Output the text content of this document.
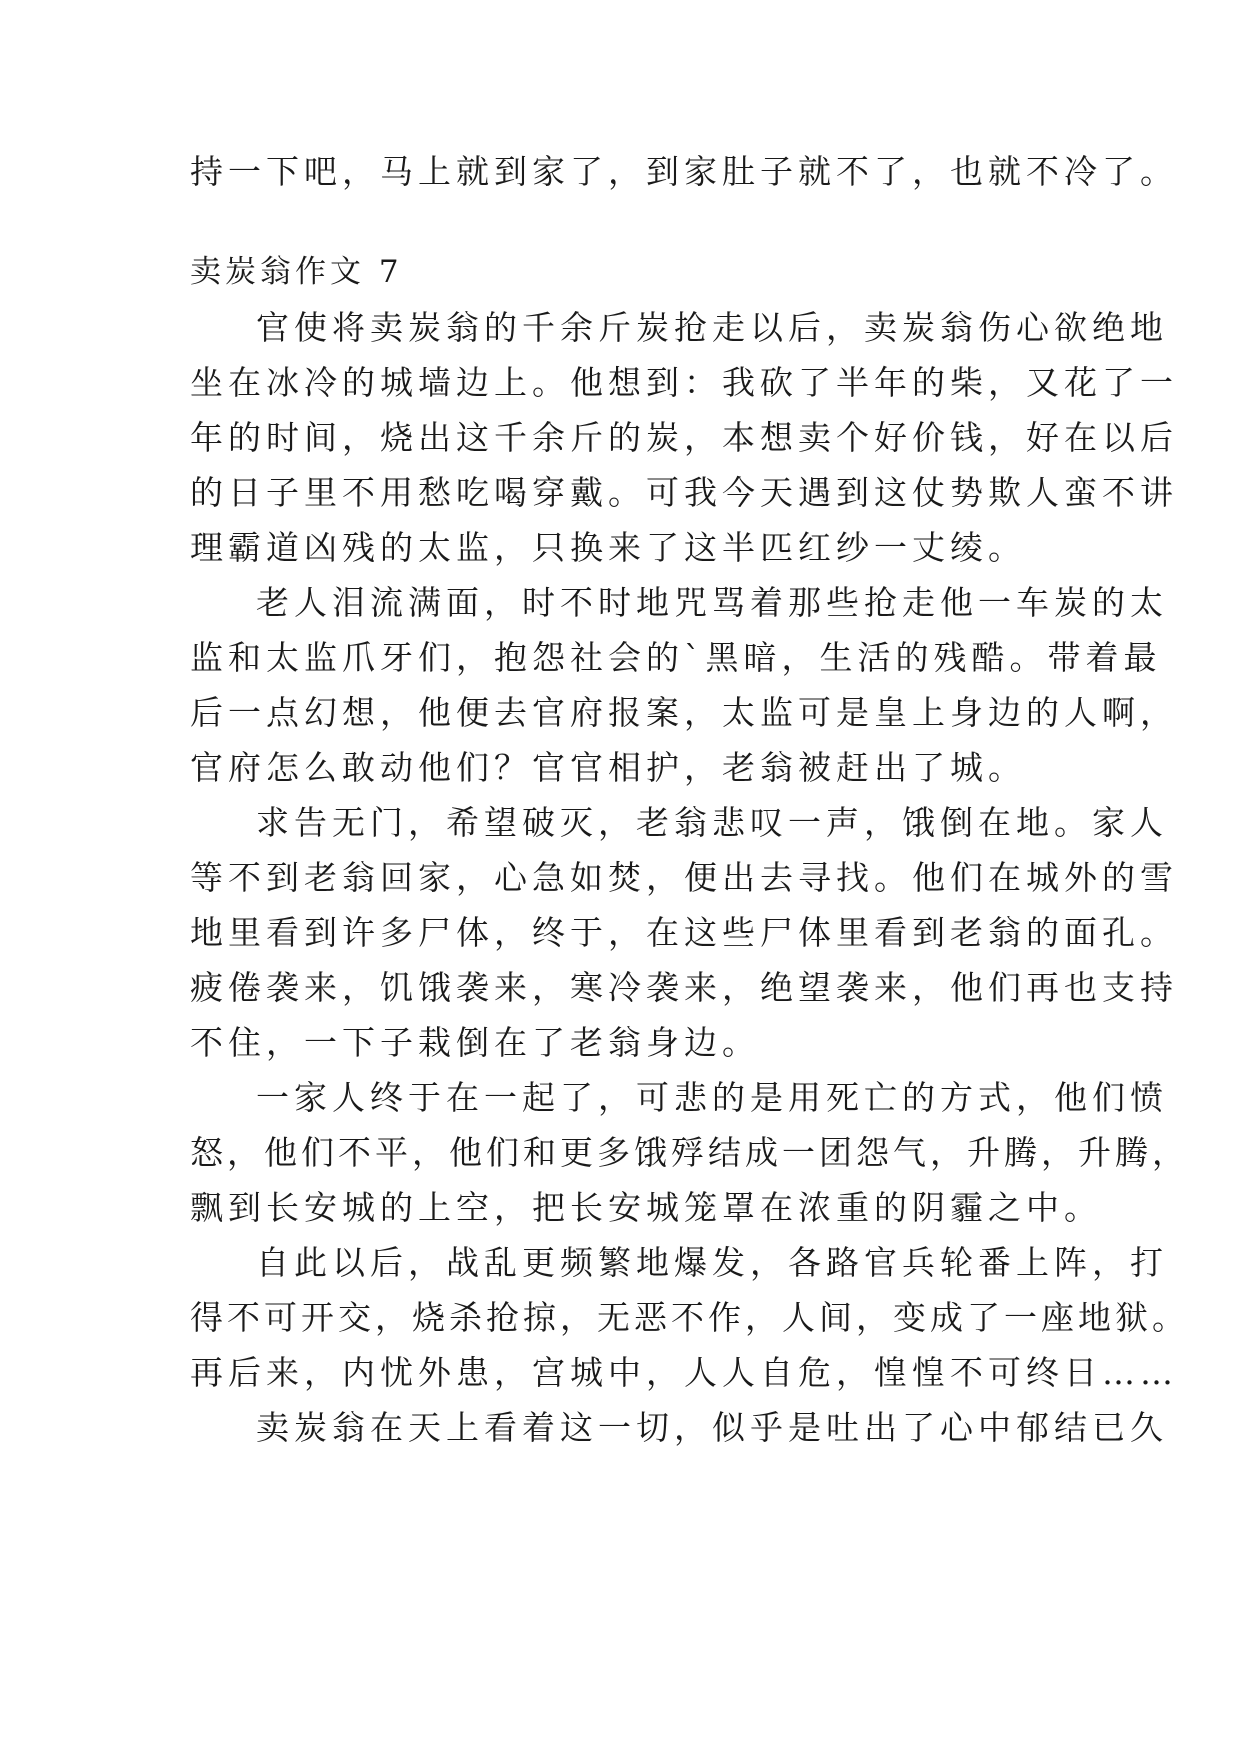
持一下吧，马上就到家了，到家肚子就不了，也就不冷了。
卖炭翁作文 7
官使将卖炭翁的千余斤炭抢走以后，卖炭翁伤心欲绝地
坐在冰冷的城墙边上。他想到：我砍了半年的柴，又花了一
年的时间，烧出这千余斤的炭，本想卖个好价钱，好在以后
的日子里不用愁吃喝穿戴。可我今天遇到这仗势欺人蛮不讲
理霸道凶残的太监，只换来了这半匹红纱一丈绫。
老人泪流满面，时不时地咒骂着那些抢走他一车炭的太
监和太监爪牙们，抱怨社会的`黑暗，生活的残酷。带着最
后一点幻想，他便去官府报案，太监可是皇上身边的人啊，
官府怎么敢动他们？官官相护，老翁被赶出了城。
求告无门，希望破灭，老翁悲叹一声，饿倒在地。家人
等不到老翁回家，心急如焚，便出去寻找。他们在城外的雪
地里看到许多尸体，终于，在这些尸体里看到老翁的面孔。
疲倦袭来，饥饿袭来，寒冷袭来，绝望袭来，他们再也支持
不住，一下子栽倒在了老翁身边。
一家人终于在一起了，可悲的是用死亡的方式，他们愤
怒，他们不平，他们和更多饿殍结成一团怨气，升腾，升腾，
飘到长安城的上空，把长安城笼罩在浓重的阴霾之中。
自此以后，战乱更频繁地爆发，各路官兵轮番上阵，打
得不可开交，烧杀抢掠，无恶不作，人间，变成了一座地狱。
再后来，内忧外患，宫城中，人人自危，惶惶不可终日……
卖炭翁在天上看着这一切，似乎是吐出了心中郁结已久
